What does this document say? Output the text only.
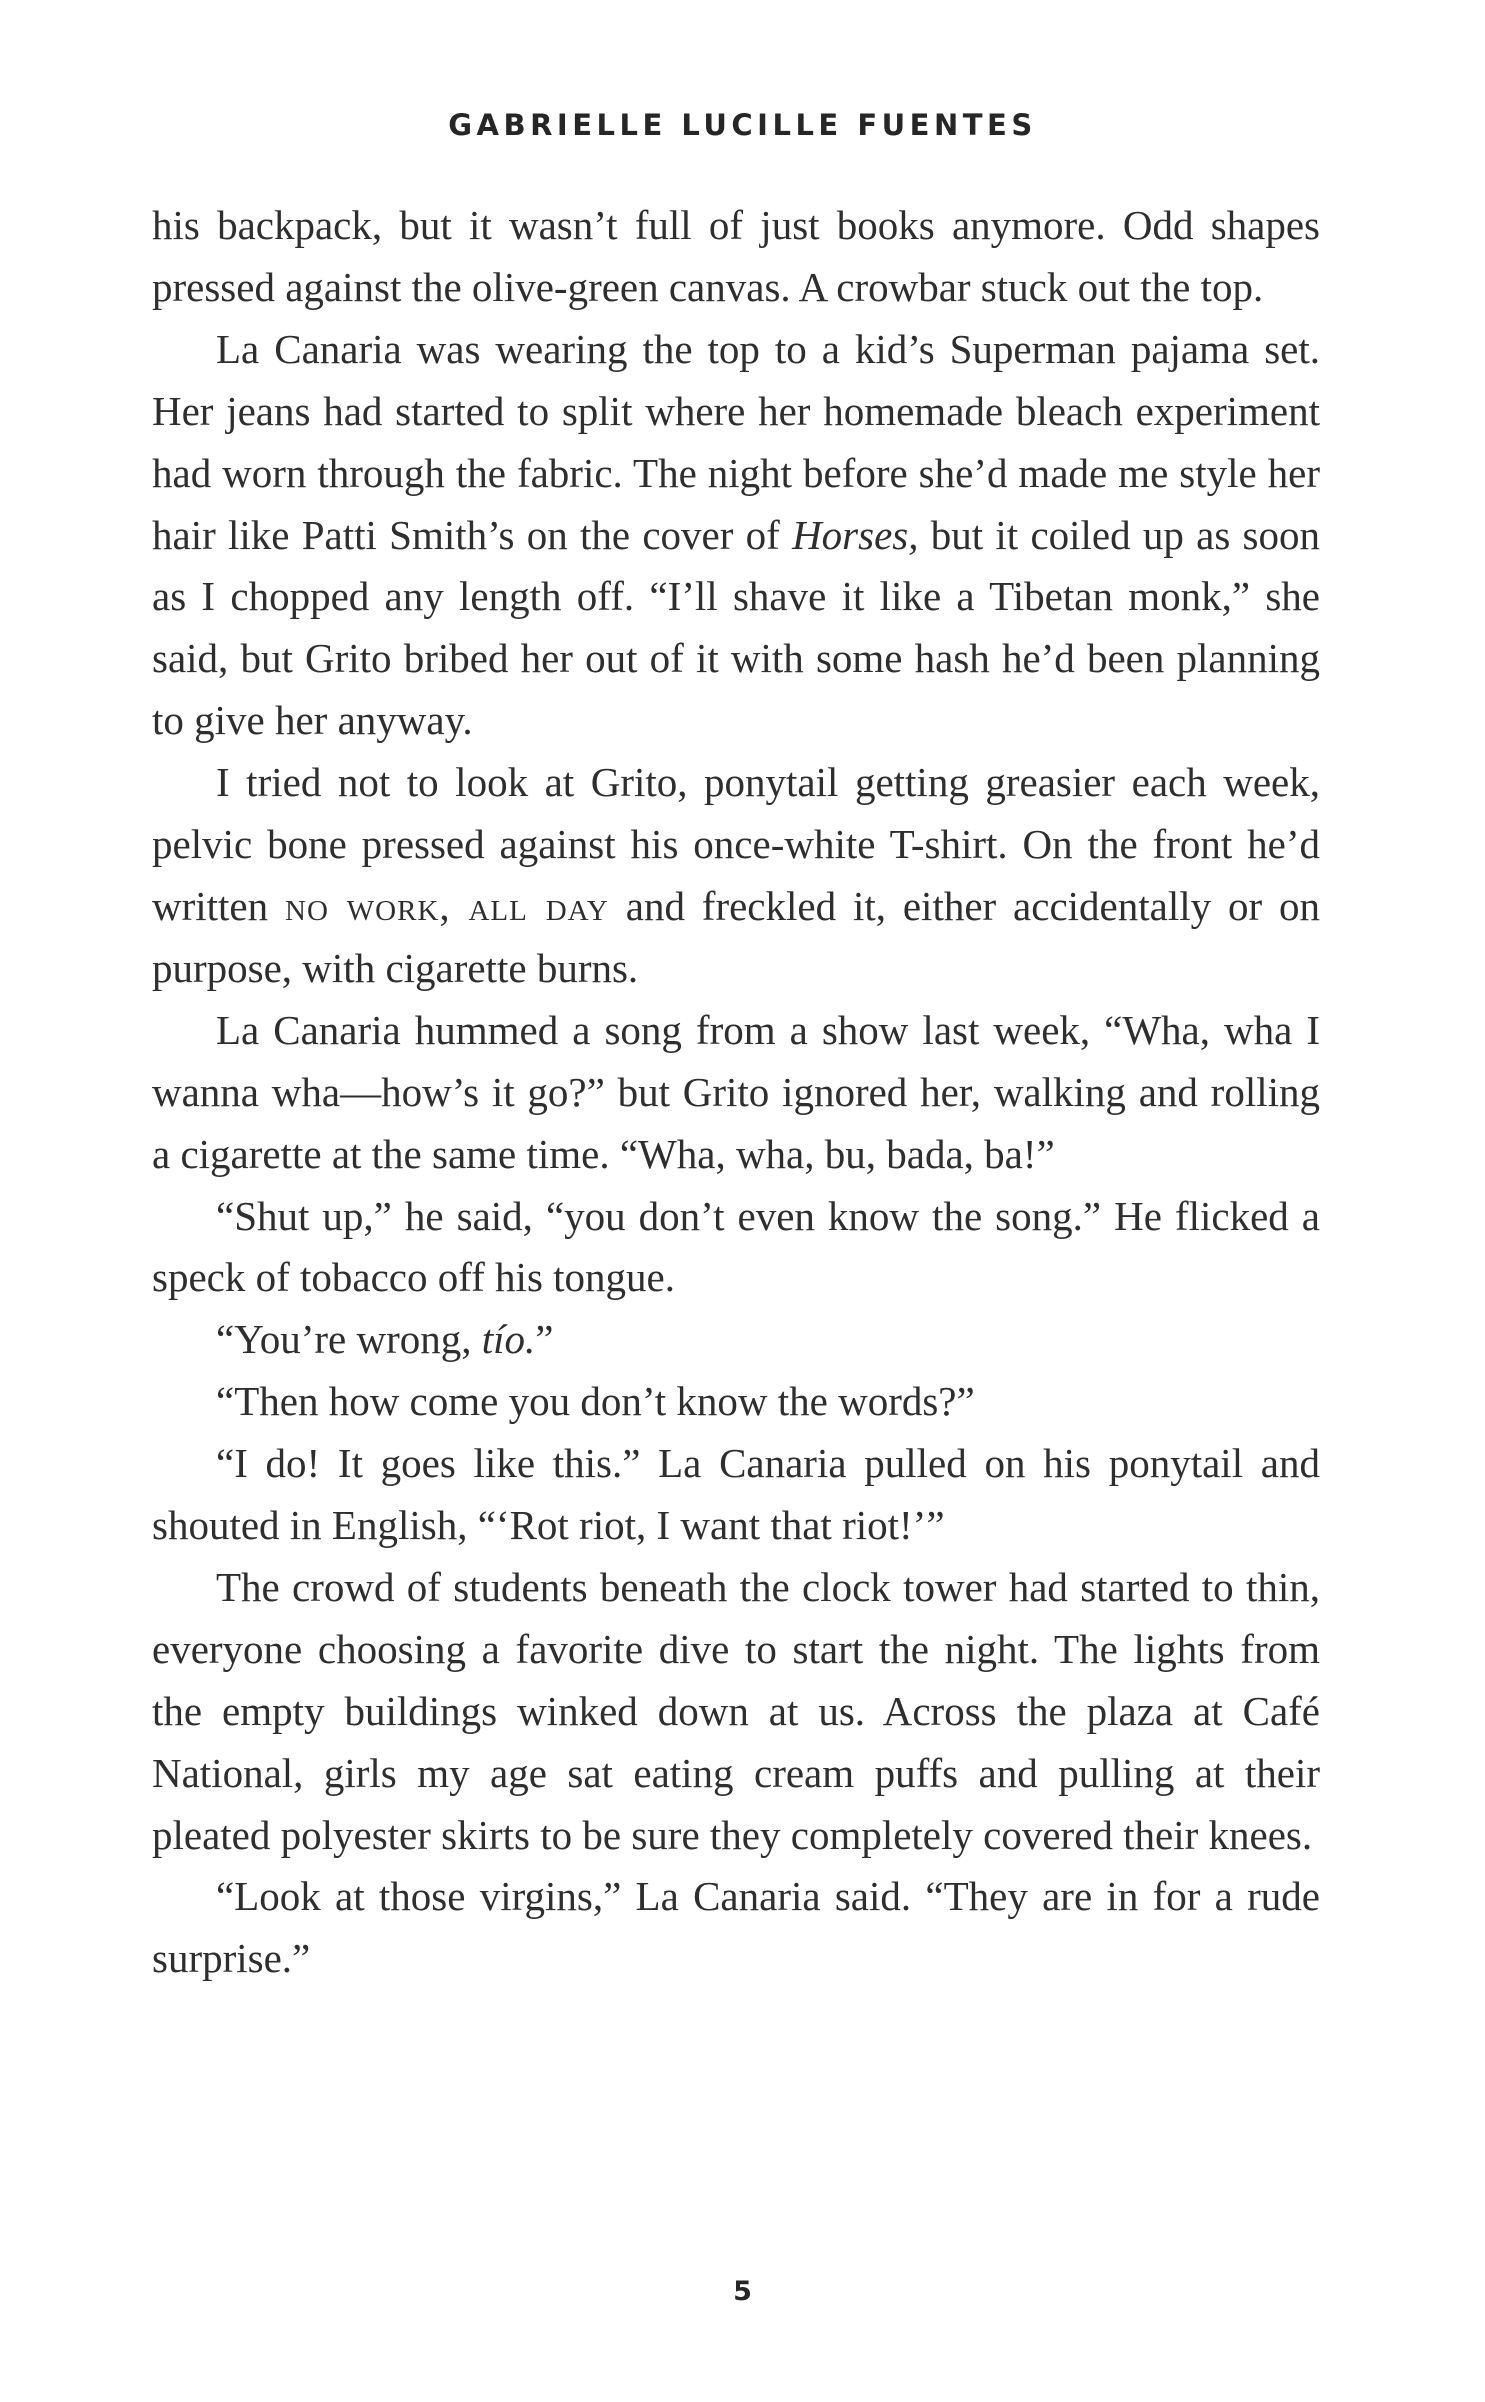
GABRIELLE LUCILLE FUENTES

his backpack, but it wasn’t full of just books anymore. Odd shapes pressed against the olive-green canvas. A crowbar stuck out the top.

La Canaria was wearing the top to a kid’s Superman pajama set. Her jeans had started to split where her homemade bleach experiment had worn through the fabric. The night before she’d made me style her hair like Patti Smith’s on the cover of Horses, but it coiled up as soon as I chopped any length off. “I’ll shave it like a Tibetan monk,” she said, but Grito bribed her out of it with some hash he’d been planning to give her anyway.

I tried not to look at Grito, ponytail getting greasier each week, pelvic bone pressed against his once-white T-shirt. On the front he’d written no work, all day and freckled it, either accidentally or on purpose, with cigarette burns.

La Canaria hummed a song from a show last week, “Wha, wha I wanna wha—how’s it go?” but Grito ignored her, walking and rolling a cigarette at the same time. “Wha, wha, bu, bada, ba!”

“Shut up,” he said, “you don’t even know the song.” He flicked a speck of tobacco off his tongue.

“You’re wrong, tío.”

“Then how come you don’t know the words?”

“I do! It goes like this.” La Canaria pulled on his ponytail and shouted in English, “‘Rot riot, I want that riot!’”

The crowd of students beneath the clock tower had started to thin, everyone choosing a favorite dive to start the night. The lights from the empty buildings winked down at us. Across the plaza at Café National, girls my age sat eating cream puffs and pulling at their pleated polyester skirts to be sure they completely covered their knees.

“Look at those virgins,” La Canaria said. “They are in for a rude surprise.”

5
